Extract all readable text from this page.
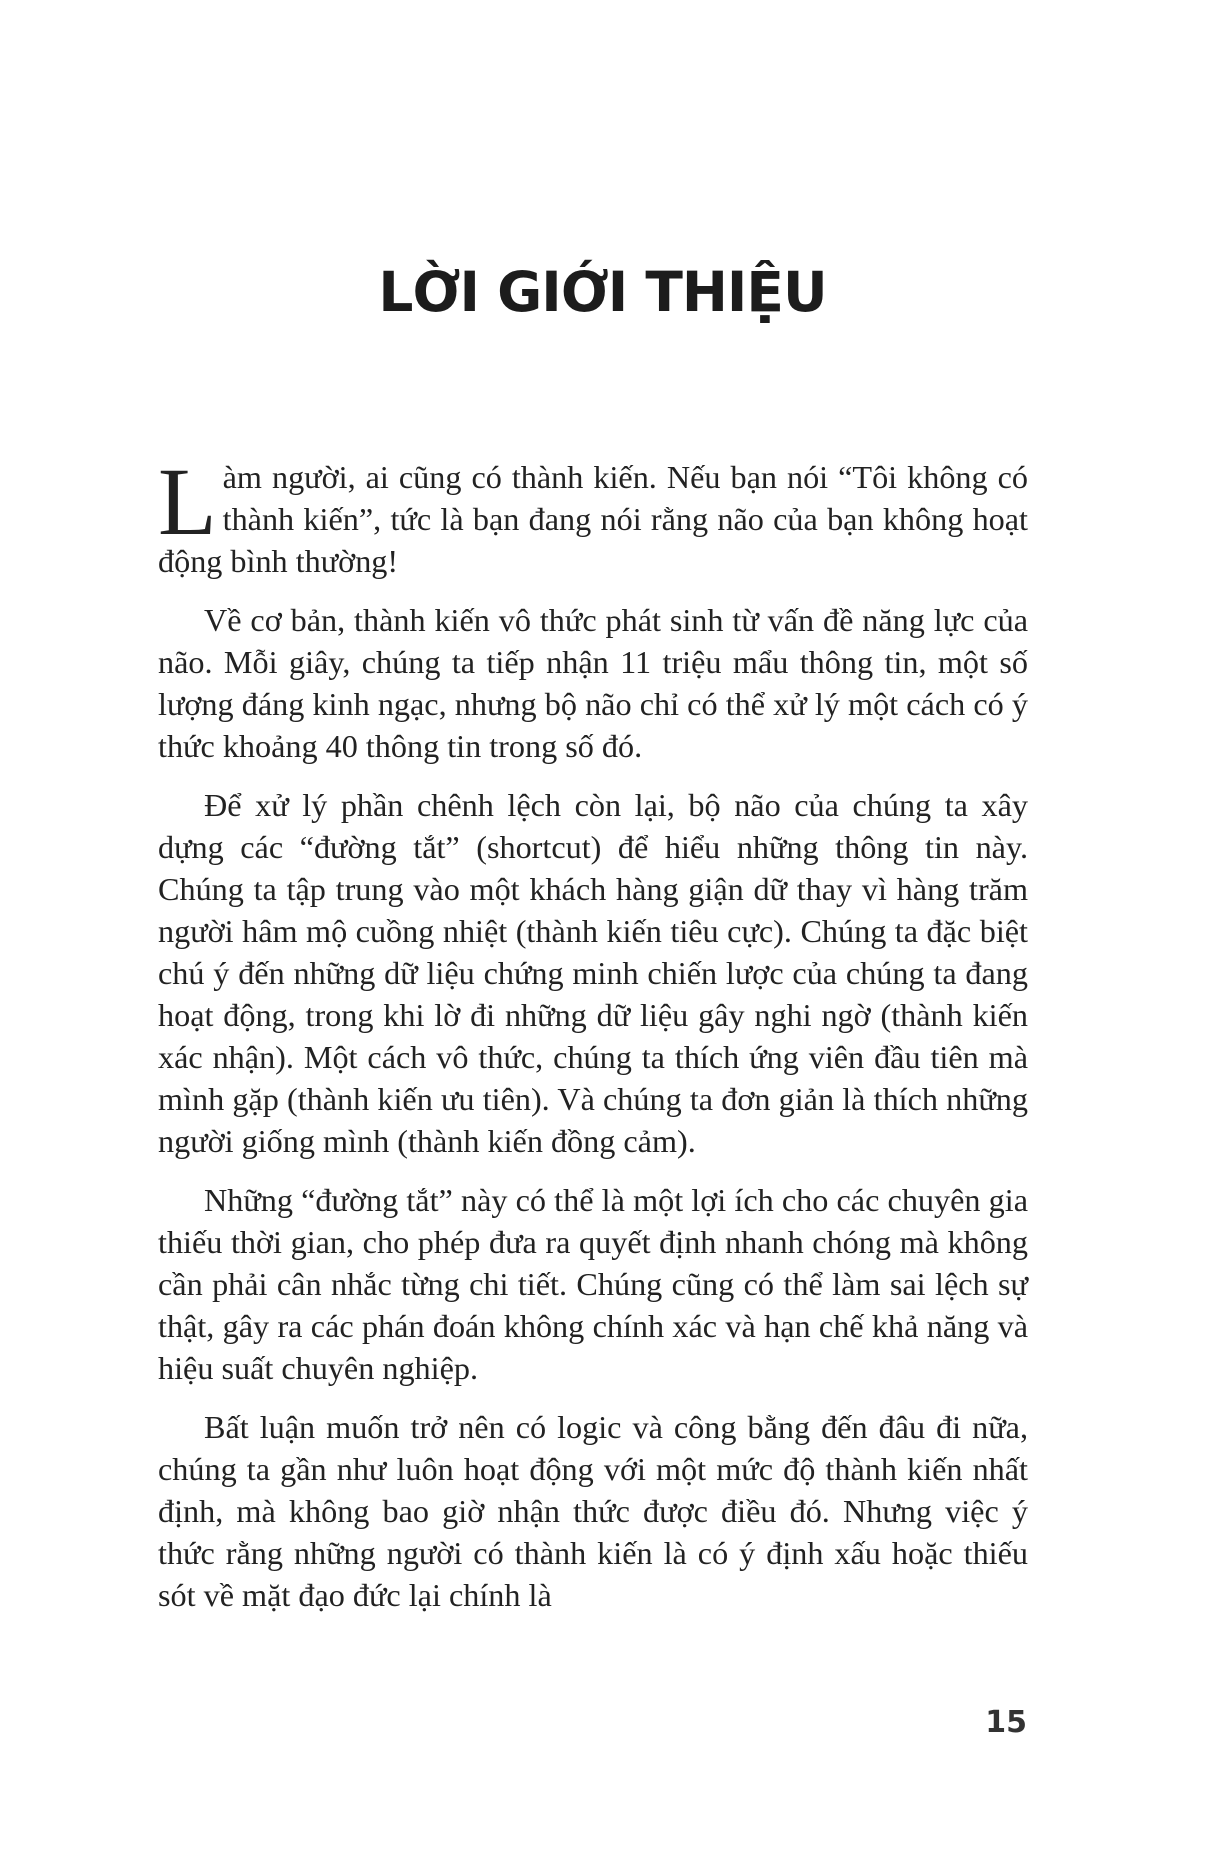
LỜI GIỚI THIỆU

Làm người, ai cũng có thành kiến. Nếu bạn nói “Tôi không có thành kiến”, tức là bạn đang nói rằng não của bạn không hoạt động bình thường!

Về cơ bản, thành kiến vô thức phát sinh từ vấn đề năng lực của não. Mỗi giây, chúng ta tiếp nhận 11 triệu mẩu thông tin, một số lượng đáng kinh ngạc, nhưng bộ não chỉ có thể xử lý một cách có ý thức khoảng 40 thông tin trong số đó.

Để xử lý phần chênh lệch còn lại, bộ não của chúng ta xây dựng các “đường tắt” (shortcut) để hiểu những thông tin này. Chúng ta tập trung vào một khách hàng giận dữ thay vì hàng trăm người hâm mộ cuồng nhiệt (thành kiến tiêu cực). Chúng ta đặc biệt chú ý đến những dữ liệu chứng minh chiến lược của chúng ta đang hoạt động, trong khi lờ đi những dữ liệu gây nghi ngờ (thành kiến xác nhận). Một cách vô thức, chúng ta thích ứng viên đầu tiên mà mình gặp (thành kiến ưu tiên). Và chúng ta đơn giản là thích những người giống mình (thành kiến đồng cảm).

Những “đường tắt” này có thể là một lợi ích cho các chuyên gia thiếu thời gian, cho phép đưa ra quyết định nhanh chóng mà không cần phải cân nhắc từng chi tiết. Chúng cũng có thể làm sai lệch sự thật, gây ra các phán đoán không chính xác và hạn chế khả năng và hiệu suất chuyên nghiệp.

Bất luận muốn trở nên có logic và công bằng đến đâu đi nữa, chúng ta gần như luôn hoạt động với một mức độ thành kiến nhất định, mà không bao giờ nhận thức được điều đó. Nhưng việc ý thức rằng những người có thành kiến là có ý định xấu hoặc thiếu sót về mặt đạo đức lại chính là

15
